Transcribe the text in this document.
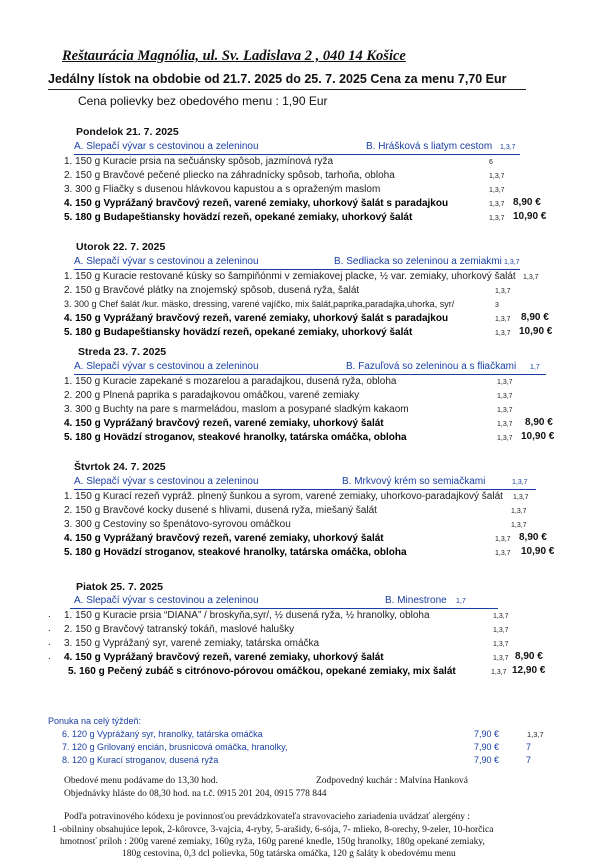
Reštaurácia Magnólia, ul. Sv. Ladislava 2 , 040 14 Košice
Jedálny lístok na obdobie od 21.7. 2025 do 25. 7. 2025 Cena za menu 7,70 Eur
Cena polievky bez obedového menu : 1,90 Eur
Pondelok 21. 7. 2025
A. Slepačí vývar s cestovinou a zeleninou	B. Hrášková s liatym cestom 1,3,7
1. 150 g Kuracie prsia na sečuánsky spôsob, jazmínová ryža	6
2. 150 g Bravčové pečené pliecko na záhradnícky spôsob, tarhoňa, obloha	1,3,7
3. 300 g Fliačky s dusenou hlávkovou kapustou a s opraženým maslom	1,3,7
4. 150 g Vyprážaný bravčový rezeň, varené zemiaky, uhorkový šalát s paradajkou	1,3,7 8,90 €
5. 180 g Budapeštiansky hovädzí rezeň, opekané zemiaky, uhorkový šalát	1,3,7 10,90 €
Utorok 22. 7. 2025
A. Slepačí vývar s cestovinou a zeleninou	B. Sedliacka so zeleninou a zemiakmi 1,3,7
1. 150 g Kuracie restované kúsky so šampiňónmi v zemiakovej placke, ½ var. zemiaky, uhorkový šalát 1,3,7
2. 150 g Bravčové plátky na znojemský spôsob, dusená ryža, šalát	1,3,7
3. 300 g Chef šalát /kur. mäsko, dressing, varené vajíčko, mix šalát,paprika,paradajka,uhorka, syr/	3
4. 150 g Vyprážaný bravčový rezeň, varené zemiaky, uhorkový šalát s paradajkou	1,3,7 8,90 €
5. 180 g Budapeštiansky hovädzí rezeň, opekané zemiaky, uhorkový šalát	1,3,7 10,90 €
Streda 23. 7. 2025
A. Slepačí vývar s cestovinou a zeleninou	B. Fazuľová so zeleninou a s fliačkami 1,7
1. 150 g Kuracie zapekané s mozarelou a paradajkou, dusená ryža, obloha	1,3,7
2. 200 g Plnená paprika s paradajkovou omáčkou, varené zemiaky	1,3,7
3. 300 g Buchty na pare s marmeládou, maslom a posypané sladkým kakaom	1,3,7
4. 150 g Vyprážaný bravčový rezeň, varené zemiaky, uhorkový šalát	1,3,7 8,90 €
5. 180 g Hovädzí stroganov, steakové hranolky, tatárska omáčka, obloha	1,3,7 10,90 €
Štvrtok 24. 7. 2025
A. Slepačí vývar s cestovinou a zeleninou	B. Mrkvový krém so semiačkami	1,3,7
1. 150 g Kurací rezeň vypráž. plnený šunkou a syrom, varené zemiaky, uhorkovo-paradajkový šalát 1,3,7
2. 150 g Bravčové kocky dusené s hlivami, dusená ryža, miešaný šalát	1,3,7
3. 300 g Cestoviny so špenátovo-syrovou omáčkou	1,3,7
4. 150 g Vyprážaný bravčový rezeň, varené zemiaky, uhorkový šalát	1,3,7 8,90 €
5. 180 g Hovädzí stroganov, steakové hranolky, tatárska omáčka, obloha	1,3,7 10,90 €
Piatok 25. 7. 2025
A. Slepačí vývar s cestovinou a zeleninou	B. Minestrone 1,7
. 1. 150 g Kuracie prsia “DIANA” / broskyňa,syr/, ½ dusená ryža, ½ hranolky, obloha	1,3,7
. 2. 150 g Bravčový tatranský tokáň, maslové halušky	1,3,7
. 3. 150 g Vyprážaný syr, varené zemiaky, tatárska omáčka	1,3,7
. 4. 150 g Vyprážaný bravčový rezeň, varené zemiaky, uhorkový šalát	1,3,7 8,90 €
5. 160 g Pečený zubáč s citrónovo-pórovou omáčkou, opekané zemiaky, mix šalát	1,3,7 12,90 €
Ponuka na celý týždeň:
6. 120 g Vyprážaný syr, hranolky, tatárska omáčka	7,90 €	1,3,7
7. 120 g Grilovaný encián, brusnicová omáčka, hranolky,	7,90 €	7
8. 120 g Kurací stroganov, dusená ryža	7,90 €	7
Obedové menu podávame do 13,30 hod.	Zodpovedný kuchár : Malvína Hanková
Objednávky hláste do 08,30 hod. na t.č. 0915 201 204, 0915 778 844
Podľa potravinového kódexu je povinnosťou prevádzkovateľa stravovacieho zariadenia uvádzať alergény :
1 -obilniny obsahujúce lepok, 2-kôrovce, 3-vajcia, 4-ryby, 5-arašidy, 6-sója, 7- mlieko, 8-orechy, 9-zeler, 10-horčica
hmotnosť príloh : 200g varené zemiaky, 160g ryža, 160g parené knedle, 150g hranolky, 180g opekané zemiaky,
180g cestovina, 0,3 dcl polievka, 50g tatárska omáčka, 120 g šaláty k obedovému menu
